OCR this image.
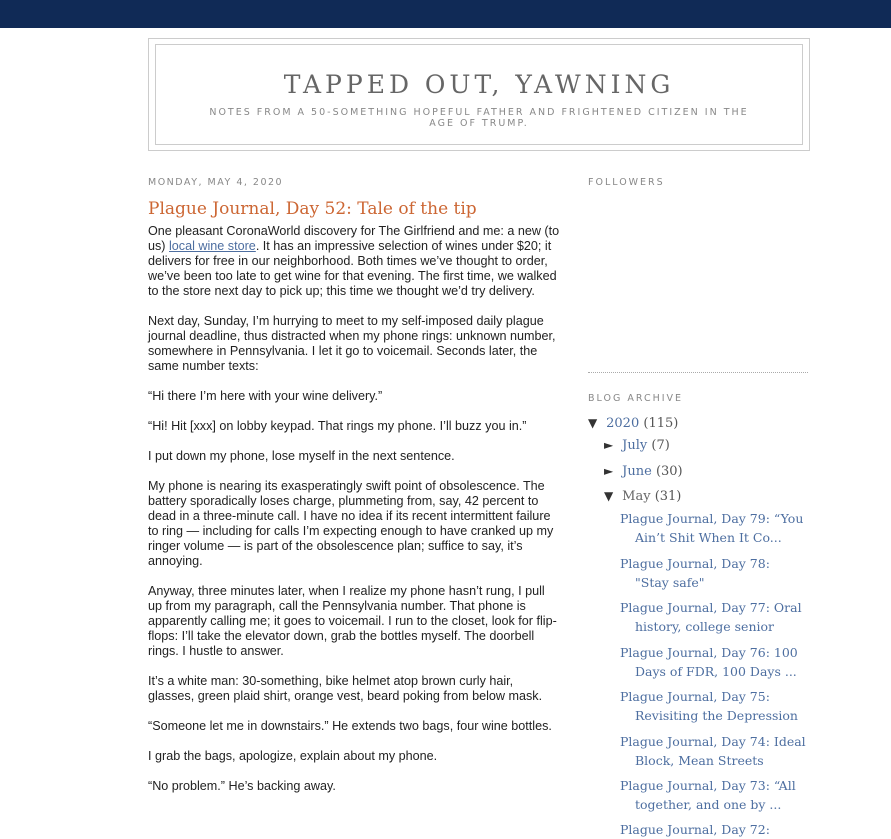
TAPPED OUT, YAWNING

NOTES FROM A 50-SOMETHING HOPEFUL FATHER AND FRIGHTENED CITIZEN IN THE AGE OF TRUMP.

MONDAY, MAY 4, 2020
Plague Journal, Day 52: Tale of the tip

One pleasant CoronaWorld discovery for The Girlfriend and me: a new (to us) local wine store. It has an impressive selection of wines under $20; it delivers for free in our neighborhood. Both times we’ve thought to order, we’ve been too late to get wine for that evening. The first time, we walked to the store next day to pick up; this time we thought we’d try delivery.

Next day, Sunday, I’m hurrying to meet to my self-imposed daily plague journal deadline, thus distracted when my phone rings: unknown number, somewhere in Pennsylvania. I let it go to voicemail. Seconds later, the same number texts:

“Hi there I’m here with your wine delivery.”

“Hi! Hit [xxx] on lobby keypad. That rings my phone. I’ll buzz you in.”

I put down my phone, lose myself in the next sentence.

My phone is nearing its exasperatingly swift point of obsolescence. The battery sporadically loses charge, plummeting from, say, 42 percent to dead in a three-minute call. I have no idea if its recent intermittent failure to ring — including for calls I’m expecting enough to have cranked up my ringer volume — is part of the obsolescence plan; suffice to say, it’s annoying.

Anyway, three minutes later, when I realize my phone hasn’t rung, I pull up from my paragraph, call the Pennsylvania number. That phone is apparently calling me; it goes to voicemail. I run to the closet, look for flip-flops: I’ll take the elevator down, grab the bottles myself. The doorbell rings. I hustle to answer.

It’s a white man: 30-something, bike helmet atop brown curly hair, glasses, green plaid shirt, orange vest, beard poking from below mask.

“Someone let me in downstairs.” He extends two bags, four wine bottles.

I grab the bags, apologize, explain about my phone.

“No problem.” He’s backing away.

FOLLOWERS
BLOG ARCHIVE
▼ 2020 (115)
► July (7)
► June (30)
▼ May (31)
Plague Journal, Day 79: “You Ain’t Shit When It Co...
Plague Journal, Day 78: "Stay safe"
Plague Journal, Day 77: Oral history, college senior
Plague Journal, Day 76: 100 Days of FDR, 100 Days ...
Plague Journal, Day 75: Revisiting the Depression
Plague Journal, Day 74: Ideal Block, Mean Streets
Plague Journal, Day 73: “All together, and one by ...
Plague Journal, Day 72:
